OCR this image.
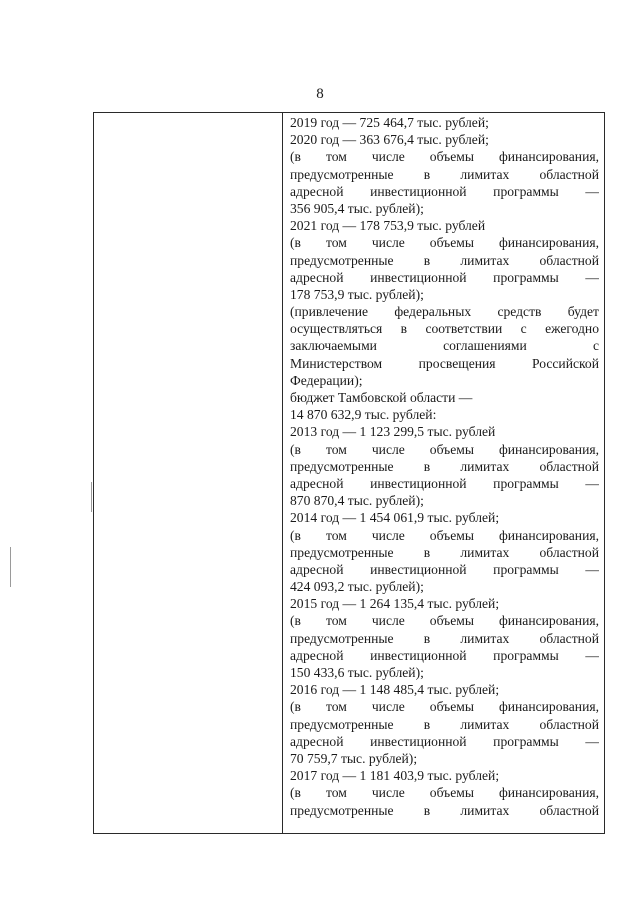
8
2019 год — 725 464,7 тыс. рублей;
2020 год — 363 676,4 тыс. рублей;
(в том числе объемы финансирования,
предусмотренные в лимитах областной
адресной инвестиционной программы —
356 905,4 тыс. рублей);
2021 год — 178 753,9 тыс. рублей
(в том числе объемы финансирования,
предусмотренные в лимитах областной
адресной инвестиционной программы —
178 753,9 тыс. рублей);
(привлечение федеральных средств будет
осуществляться в соответствии с ежегодно
заключаемыми соглашениями с
Министерством просвещения Российской
Федерации);
бюджет Тамбовской области —
14 870 632,9 тыс. рублей:
2013 год — 1 123 299,5 тыс. рублей
(в том числе объемы финансирования,
предусмотренные в лимитах областной
адресной инвестиционной программы —
870 870,4 тыс. рублей);
2014 год — 1 454 061,9 тыс. рублей;
(в том числе объемы финансирования,
предусмотренные в лимитах областной
адресной инвестиционной программы —
424 093,2 тыс. рублей);
2015 год — 1 264 135,4 тыс. рублей;
(в том числе объемы финансирования,
предусмотренные в лимитах областной
адресной инвестиционной программы —
150 433,6 тыс. рублей);
2016 год — 1 148 485,4 тыс. рублей;
(в том числе объемы финансирования,
предусмотренные в лимитах областной
адресной инвестиционной программы —
70 759,7 тыс. рублей);
2017 год — 1 181 403,9 тыс. рублей;
(в том числе объемы финансирования,
предусмотренные в лимитах областной
